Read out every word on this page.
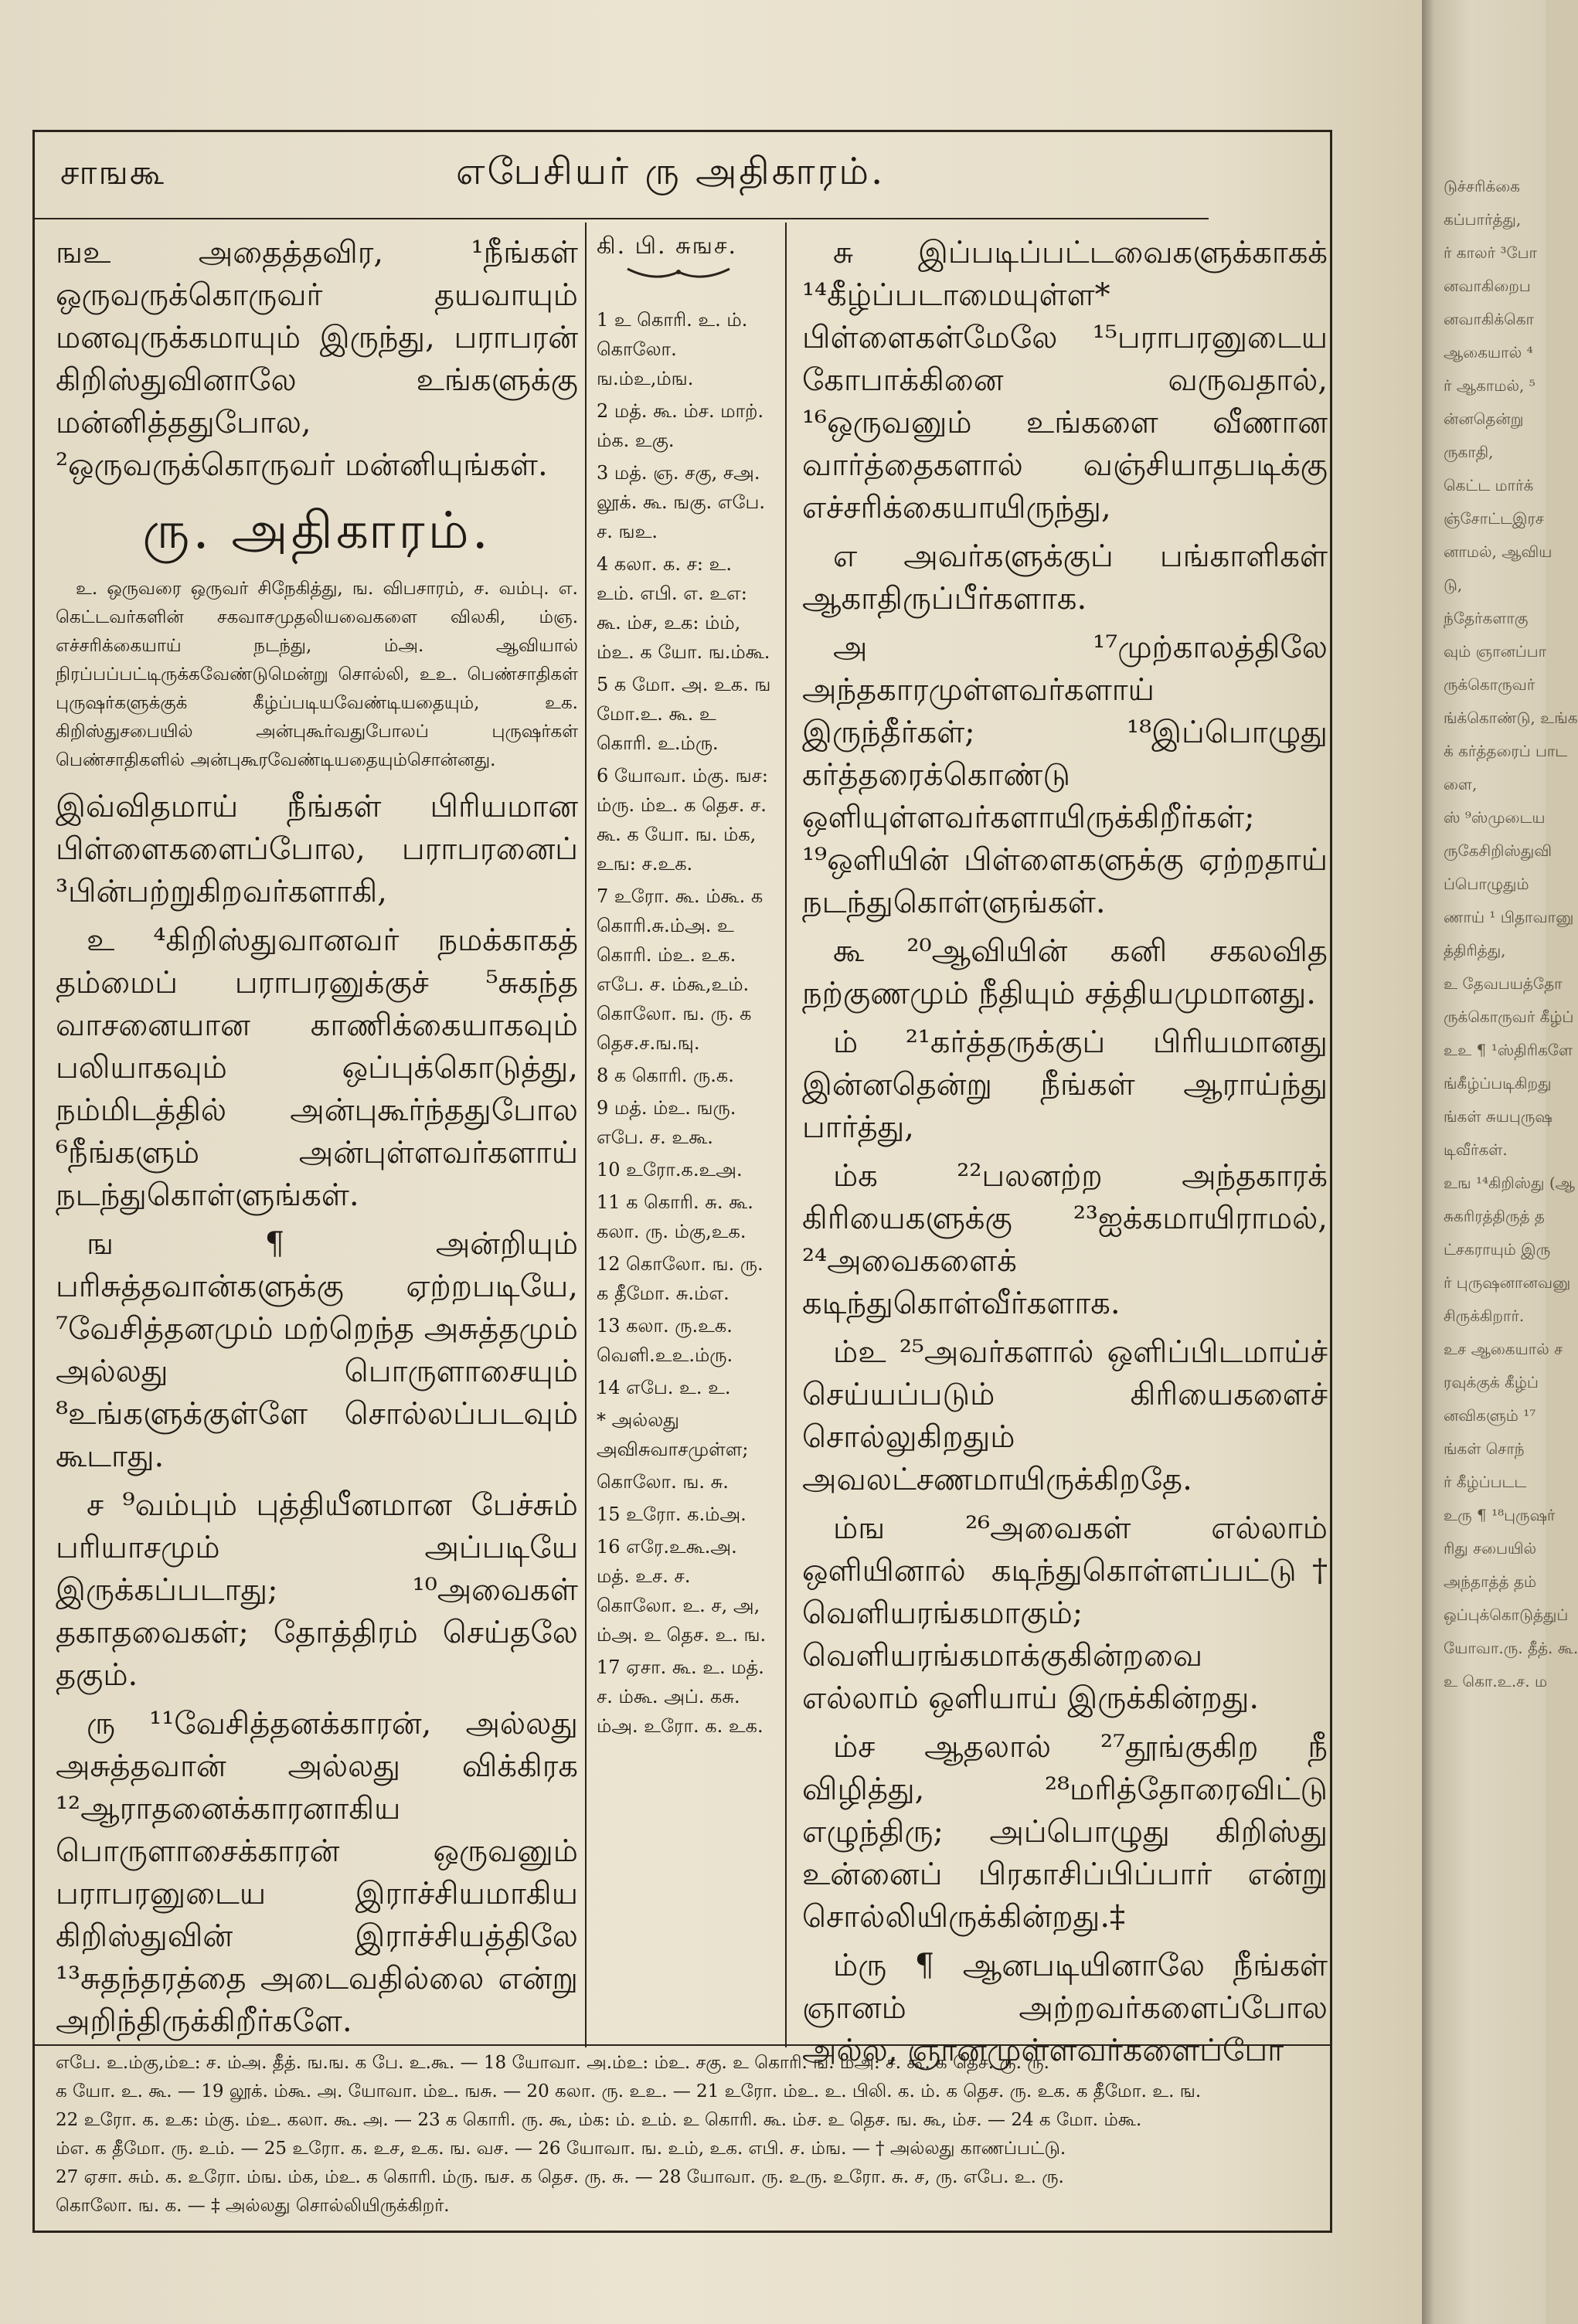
சாஙகூ	எபேசியர் ரு அதிகாரம்.

ஙஉ அதைத்தவிர, ¹நீங்கள் ஒருவருக்கொருவர் தயவாயும் மனவுருக்கமாயும் இருந்து, பராபரன் கிறிஸ்துவினாலே உங்களுக்கு மன்னித்ததுபோல, ²ஒருவருக்கொருவர் மன்னியுங்கள்.

ரு. அதிகாரம்.

உ. ஒருவரை ஒருவர் சிநேகித்து, ங. விபசாரம், ச. வம்பு. எ. கெட்டவர்களின் சகவாசமுதலியவைகளை விலகி, ம்ஞ. எச்சரிக்கையாய் நடந்து, ம்அ. ஆவியால் நிரப்பப்பட்டிருக்கவேண்டுமென்று சொல்லி, உஉ. பெண்சாதிகள் புருஷர்களுக்குக் கீழ்ப்படியவேண்டியதையும், உக. கிறிஸ்துசபையில் அன்புகூர்வதுபோலப் புருஷர்கள் பெண்சாதிகளில் அன்புகூரவேண்டியதையும்சொன்னது.

இவ்விதமாய் நீங்கள் பிரியமான பிள்ளைகளைப்போல, பராபரனைப் ³பின்பற்றுகிறவர்களாகி,

உ ⁴கிறிஸ்துவானவர் நமக்காகத் தம்மைப் பராபரனுக்குச் ⁵சுகந்த வாசனையான காணிக்கையாகவும் பலியாகவும் ஒப்புக்கொடுத்து, நம்மிடத்தில் அன்புகூர்ந்ததுபோல ⁶நீங்களும் அன்புள்ளவர்களாய் நடந்துகொள்ளுங்கள்.

ங ¶ அன்றியும் பரிசுத்தவான்களுக்கு ஏற்றபடியே, ⁷வேசித்தனமும் மற்றெந்த அசுத்தமும் அல்லது பொருளாசையும் ⁸உங்களுக்குள்ளே சொல்லப்படவும் கூடாது.

ச ⁹வம்பும் புத்தியீனமான பேச்சும் பரியாசமும் அப்படியே இருக்கப்படாது; ¹⁰அவைகள் தகாதவைகள்; தோத்திரம் செய்தலே தகும்.

ரு ¹¹வேசித்தனக்காரன், அல்லது அசுத்தவான் அல்லது விக்கிரக ¹²ஆராதனைக்காரனாகிய பொருளாசைக்காரன் ஒருவனும் பராபரனுடைய இராச்சியமாகிய கிறிஸ்துவின் இராச்சியத்திலே ¹³சுதந்தரத்தை அடைவதில்லை என்று அறிந்திருக்கிறீர்களே.

கி. பி. சுஙச.
1 உ கொரி. உ. ம். கொலோ. ங.ம்உ,ம்ங.
2 மத். கூ. ம்ச. மாற். ம்க. உகு.
3 மத். ஞ. சகு, சஅ. லூக். கூ. ஙகு. எபே. ச. ஙஉ.
4 கலா. க. ச: உ. உம். எபி. எ. உஎ: கூ. ம்ச, உக: ம்ம், ம்உ. க யோ. ங.ம்கூ.
5 க மோ. அ. உக. ங மோ.உ. கூ. உ கொரி. உ.ம்ரு.
6 யோவா. ம்கு. ஙச: ம்ரு. ம்உ. க தெச. ச. கூ. க யோ. ங. ம்க, உங: ச.உக.
7 உரோ. கூ. ம்கூ. க கொரி.சு.ம்அ. உ கொரி. ம்உ. உக. எபே. ச. ம்கூ,உம். கொலோ. ங. ரு. க தெச.ச.ங.ஙு.
8 க கொரி. ரு.க.
9 மத். ம்உ. ஙரு. எபே. ச. உகூ.
10 உரோ.க.உஅ.
11 க கொரி. சு. கூ. கலா. ரு. ம்கு,உக.
12 கொலோ. ங. ரு. க தீமோ. சு.ம்எ.
13 கலா. ரு.உக. வெளி.உஉ.ம்ரு.
14 எபே. உ. உ.
* அல்லது அவிசுவாசமுள்ள;
கொலோ. ங. சு.
15 உரோ. க.ம்அ.
16 எரே.உகூ.அ. மத். உச. ச. கொலோ. உ. ச, அ, ம்அ. உ தெச. உ. ங.
17 ஏசா. கூ. உ. மத். ச. ம்கூ. அப். கசு. ம்அ. உரோ. க. உக.

சு இப்படிப்பட்டவைகளுக்காகக் ¹⁴கீழ்ப்படாமையுள்ள* பிள்ளைகள்மேலே ¹⁵பராபரனுடைய கோபாக்கினை வருவதால், ¹⁶ஒருவனும் உங்களை வீணான வார்த்தைகளால் வஞ்சியாதபடிக்கு எச்சரிக்கையாயிருந்து,

எ அவர்களுக்குப் பங்காளிகள் ஆகாதிருப்பீர்களாக.

அ ¹⁷முற்காலத்திலே அந்தகாரமுள்ளவர்களாய் இருந்தீர்கள்; ¹⁸இப்பொழுது கர்த்தரைக்கொண்டு ஒளியுள்ளவர்களாயிருக்கிறீர்கள்; ¹⁹ஒளியின் பிள்ளைகளுக்கு ஏற்றதாய் நடந்துகொள்ளுங்கள்.

கூ ²⁰ஆவியின் கனி சகலவித நற்குணமும் நீதியும் சத்தியமுமானது.

ம் ²¹கர்த்தருக்குப் பிரியமானது இன்னதென்று நீங்கள் ஆராய்ந்து பார்த்து,

ம்க ²²பலனற்ற அந்தகாரக் கிரியைகளுக்கு ²³ஐக்கமாயிராமல், ²⁴அவைகளைக் கடிந்துகொள்வீர்களாக.

ம்உ ²⁵அவர்களால் ஒளிப்பிடமாய்ச் செய்யப்படும் கிரியைகளைச் சொல்லுகிறதும் அவலட்சணமாயிருக்கிறதே.

ம்ங ²⁶அவைகள் எல்லாம் ஒளியினால் கடிந்துகொள்ளப்பட்டு† வெளியரங்கமாகும்; வெளியரங்கமாக்குகின்றவை எல்லாம் ஒளியாய் இருக்கின்றது.

ம்ச ஆதலால் ²⁷தூங்குகிற நீ விழித்து, ²⁸மரித்தோரைவிட்டு எழுந்திரு; அப்பொழுது கிறிஸ்து உன்னைப் பிரகாசிப்பிப்பார் என்று சொல்லியிருக்கின்றது.‡

ம்ரு ¶ ஆனபடியினாலே நீங்கள் ஞானம் அற்றவர்களைப்போல அல்ல, ஞானமுள்ளவர்களைப்போ

எபே. உ.ம்கு,ம்உ: ச. ம்அ. தீத். ங.ங. க பே. உ.கூ. — 18 யோவா. அ.ம்உ: ம்உ. சகு. உ கொரி. ங. ம்அ: ச. கூ. க தெச. ரு. ரு.
க யோ. உ. கூ. — 19 லூக். ம்கூ. அ. யோவா. ம்உ. ஙசு. — 20 கலா. ரு. உஉ. — 21 உரோ. ம்உ. உ. பிலி. க. ம். க தெச. ரு. உக. க தீமோ. உ. ங.
22 உரோ. க. உக: ம்கு. ம்உ. கலா. கூ. அ. — 23 க கொரி. ரு. கூ, ம்க: ம். உம். உ கொரி. கூ. ம்ச. உ தெச. ங. கூ, ம்ச. — 24 க மோ. ம்கூ.
ம்எ. க தீமோ. ரு. உம். — 25 உரோ. க. உச, உக. ங. வச. — 26 யோவா. ங. உம், உக. எபி. ச. ம்ங. — † அல்லது காணப்பட்டு.
27 ஏசா. சும். க. உரோ. ம்ங. ம்க, ம்உ. க கொரி. ம்ரு. ஙச. க தெச. ரு. சு. — 28 யோவா. ரு. உரு. உரோ. சு. ச, ரு. எபே. உ. ரு.
கொலோ. ங. க. — ‡ அல்லது சொல்லியிருக்கிறர்.
டுச்சரிக்கை
கப்பார்த்து,
ர் காலர் ³போ
னவாகிறைப
னவாகிக்கொ
ஆகையால் ⁴
ர் ஆகாமல், ⁵
ன்னதென்று
ருகாதி,
கெட்ட மார்க்
ஞ்சோட்டஇரச
னாமல், ஆவிய
டு,
ந்தேர்களாகு
வும் ஞானப்பா
ருக்கொருவர்
ங்க்கொண்டு, உங்க
க் கர்த்தரைப் பாட
ளை,
ஸ் ⁹ஸ்முடைய
ருகேசிறிஸ்துவி
ப்பொழுதும்
ணாய் ¹ பிதாவானு
த்திரித்து,
உ தேவபயத்தோ
ருக்கொருவர் கீழ்ப்
உஉ ¶ ¹ஸ்திரிகளே
ங்கீழ்ப்படிகிறது
ங்கள் சுயபுருஷ
டிவீர்கள்.
உங ¹⁴கிறிஸ்து (ஆ
சுகரிரத்திருத் த
ட்சகராயும் இரு
ர் புருஷனானவனு
சிருக்கிறார்.
உச ஆகையால் ச
ரவுக்குக் கீழ்ப்
னவிகளும் ¹⁷
ங்கள் சொந்
ர் கீழ்ப்படட
உரு ¶ ¹⁸புருஷர்
ரிது சபையில்
அந்தாத்த் தம்
ஒப்புக்கொடுத்துப்
யோவா.ரு. தீத். கூ.
உ கொ.உ.ச. ம
